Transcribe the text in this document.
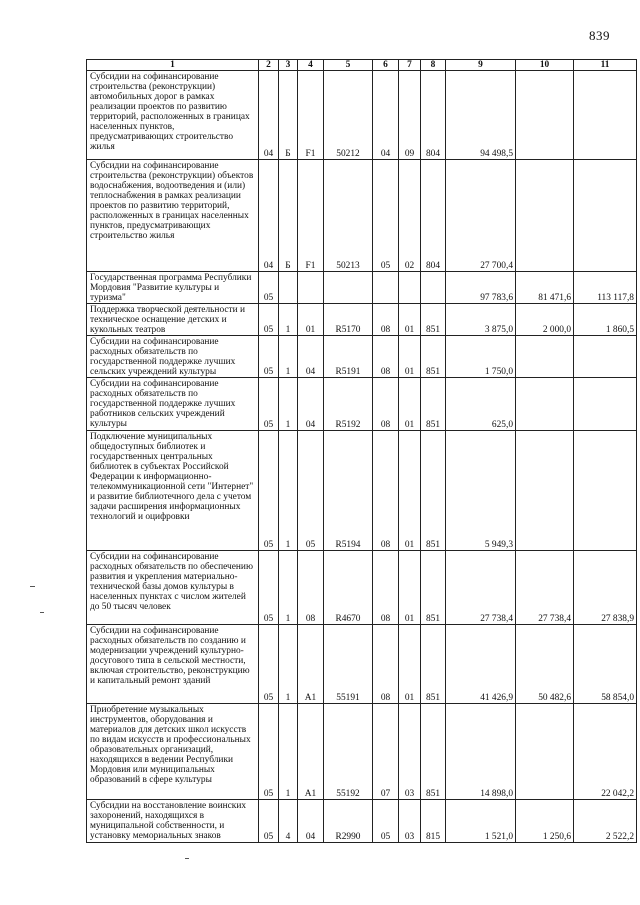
839
1	2	3	4	5	6	7	8	9	10	11
Субсидии на софинансирование строительства (реконструкции) автомобильных дорог в рамках реализации проектов по развитию территорий, расположенных в границах населенных пунктов, предусматривающих строительство жилья	04	Б	F1	50212	04	09	804	94 498,5		
Субсидии на софинансирование строительства (реконструкции) объектов водоснабжения, водоотведения и (или) теплоснабжения в рамках реализации проектов по развитию территорий, расположенных в границах населенных пунктов, предусматривающих строительство жилья	04	Б	F1	50213	05	02	804	27 700,4		
Государственная программа Республики Мордовия "Развитие культуры и туризма"	05							97 783,6	81 471,6	113 117,8
Поддержка творческой деятельности и техническое оснащение детских и кукольных театров	05	1	01	R5170	08	01	851	3 875,0	2 000,0	1 860,5
Субсидии на софинансирование расходных обязательств по государственной поддержке лучших сельских учреждений культуры	05	1	04	R5191	08	01	851	1 750,0		
Субсидии на софинансирование расходных обязательств по государственной поддержке лучших работников сельских учреждений культуры	05	1	04	R5192	08	01	851	625,0		
Подключение муниципальных общедоступных библиотек и государственных центральных библиотек в субъектах Российской Федерации к информационно-телекоммуникационной сети "Интернет" и развитие библиотечного дела с учетом задачи расширения информационных технологий и оцифровки	05	1	05	R5194	08	01	851	5 949,3		
Субсидии на софинансирование расходных обязательств по обеспечению развития и укрепления материально-технической базы домов культуры в населенных пунктах с числом жителей до 50 тысяч человек	05	1	08	R4670	08	01	851	27 738,4	27 738,4	27 838,9
Субсидии на софинансирование расходных обязательств по созданию и модернизации учреждений культурно-досугового типа в сельской местности, включая строительство, реконструкцию и капитальный ремонт зданий	05	1	A1	55191	08	01	851	41 426,9	50 482,6	58 854,0
Приобретение музыкальных инструментов, оборудования и материалов для детских школ искусств по видам искусств и профессиональных образовательных организаций, находящихся в ведении Республики Мордовия или муниципальных образований в сфере культуры	05	1	A1	55192	07	03	851	14 898,0		22 042,2
Субсидии на восстановление воинских захоронений, находящихся в муниципальной собственности, и установку мемориальных знаков	05	4	04	R2990	05	03	815	1 521,0	1 250,6	2 522,2
